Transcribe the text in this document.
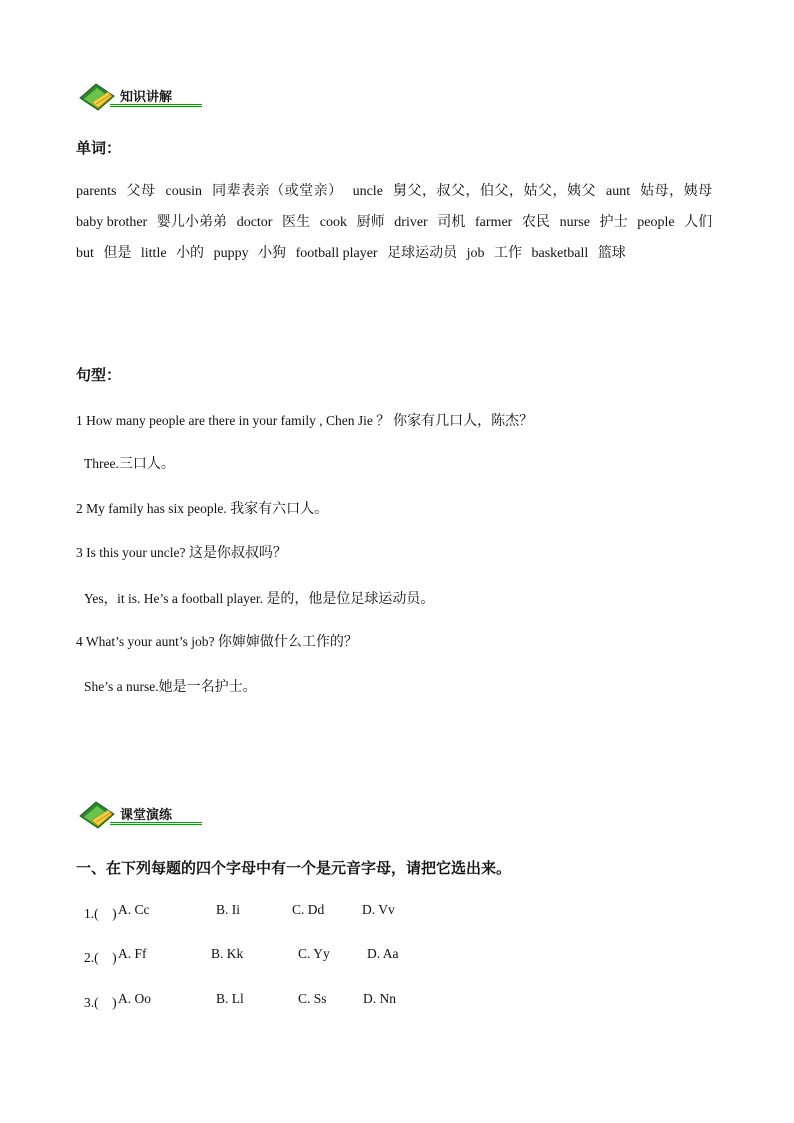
知识讲解
单词：
parents 父母 cousin 同辈表亲（或堂亲） uncle 舅父，叔父，伯父，姑父，姨父 aunt 姑母，姨母 baby brother 婴儿小弟弟 doctor 医生 cook 厨师 driver 司机 farmer 农民 nurse 护士 people 人们 but 但是 little 小的 puppy 小狗 football player 足球运动员 job 工作 basketball 篮球
句型：
1 How many people are there in your family , Chen Jie ？ 你家有几口人，陈杰？
Three.三口人。
2 My family has six people. 我家有六口人。
3 Is this your uncle? 这是你叔叔吗？
Yes，it is. He’s a football player. 是的，他是位足球运动员。
4 What’s your aunt’s job? 你婶婶做什么工作的？
She’s a nurse.她是一名护士。
课堂演练
一、在下列每题的四个字母中有一个是元音字母，请把它选出来。
1.(　) A. Cc	B. Ii	C. Dd	D. Vv
2.(　) A. Ff	B. Kk	C. Yy	D. Aa
3.(　) A. Oo	B. Ll	C. Ss	D. Nn
